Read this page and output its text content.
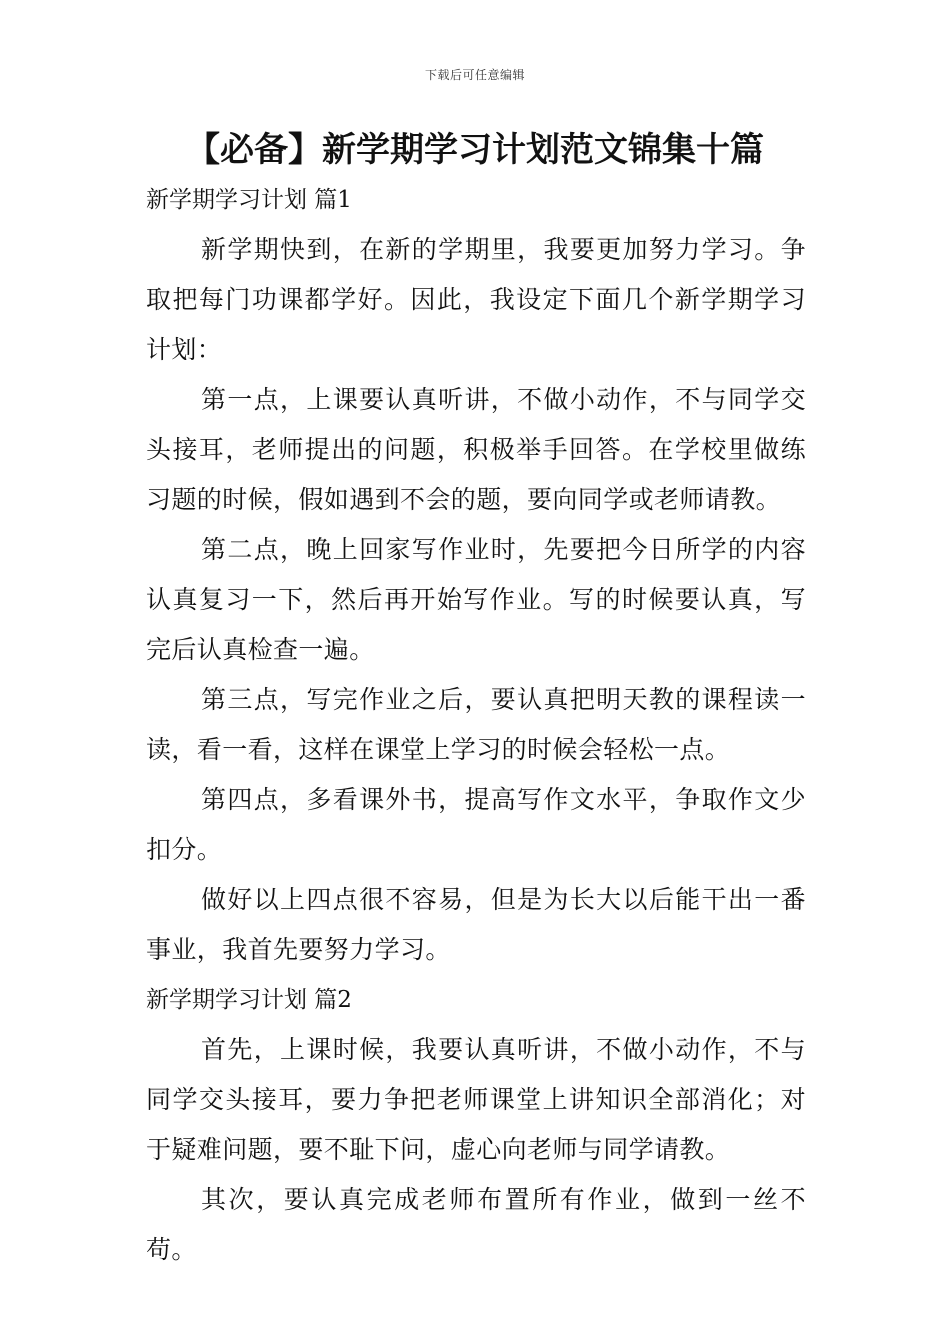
下载后可任意编辑
【必备】新学期学习计划范文锦集十篇

新学期学习计划 篇1

新学期快到，在新的学期里，我要更加努力学习。争取把每门功课都学好。因此，我设定下面几个新学期学习计划：

第一点，上课要认真听讲，不做小动作，不与同学交头接耳，老师提出的问题，积极举手回答。在学校里做练习题的时候，假如遇到不会的题，要向同学或老师请教。

第二点，晚上回家写作业时，先要把今日所学的内容认真复习一下，然后再开始写作业。写的时候要认真，写完后认真检查一遍。

第三点，写完作业之后，要认真把明天教的课程读一读，看一看，这样在课堂上学习的时候会轻松一点。

第四点，多看课外书，提高写作文水平，争取作文少扣分。

做好以上四点很不容易，但是为长大以后能干出一番事业，我首先要努力学习。

新学期学习计划 篇2

首先，上课时候，我要认真听讲，不做小动作，不与同学交头接耳，要力争把老师课堂上讲知识全部消化；对于疑难问题，要不耻下问，虚心向老师与同学请教。

其次，要认真完成老师布置所有作业，做到一丝不苟。
